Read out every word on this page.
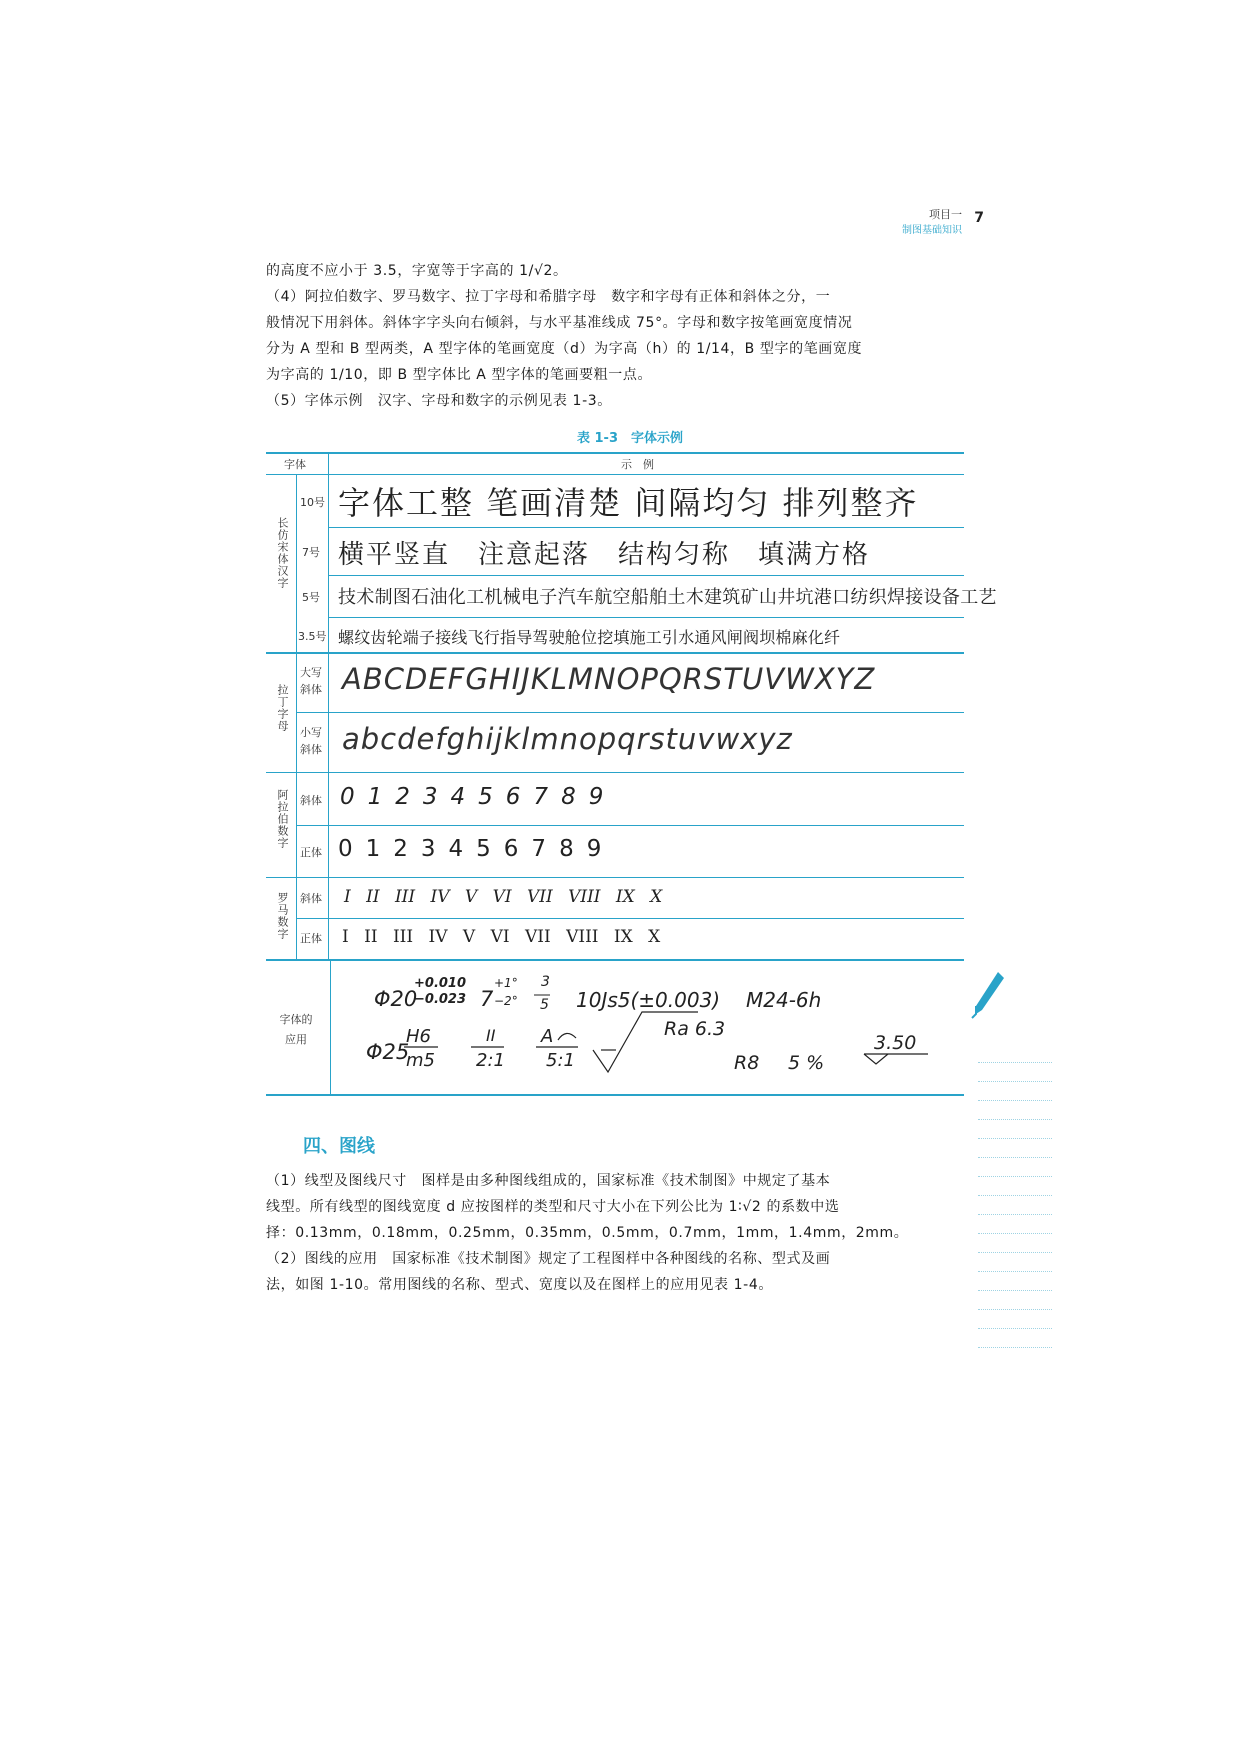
项目一
制图基础知识
7
的高度不应小于 3.5，字宽等于字高的 1/√2。
（4）阿拉伯数字、罗马数字、拉丁字母和希腊字母　数字和字母有正体和斜体之分，一
般情况下用斜体。斜体字字头向右倾斜，与水平基准线成 75°。字母和数字按笔画宽度情况
分为 A 型和 B 型两类，A 型字体的笔画宽度（d）为字高（h）的 1/14，B 型字的笔画宽度
为字高的 1/10，即 B 型字体比 A 型字体的笔画要粗一点。
（5）字体示例　汉字、字母和数字的示例见表 1-3。
表 1-3　字体示例
字体	示　例
长仿宋体汉字
拉丁字母
阿拉伯数字
罗马数字
字体的应用
10号
7号
5号
3.5号
大写斜体
小写斜体
斜体
正体
斜体
正体
字体工整 笔画清楚 间隔均匀 排列整齐
横平竖直　注意起落　结构匀称　填满方格
技术制图石油化工机械电子汽车航空船舶土木建筑矿山井坑港口纺织焊接设备工艺
螺纹齿轮端子接线飞行指导驾驶舱位挖填施工引水通风闸阀坝棉麻化纤
ABCDEFGHIJKLMNOPQRSTUVWXYZ
abcdefghijklmnopqrstuvwxyz
0123456789
0123456789
I II III IV V VI VII VIII IX X
I II III IV V VI VII VIII IX X
Φ20
+0.010
−0.023 7
+1°
−2°
3
5 10Js5(±0.003) M24-6h
Φ25
H6
m5
II
2:1
A
5:1
Ra 6.3
R8 5 %
3.50
四、图线
（1）线型及图线尺寸　图样是由多种图线组成的，国家标准《技术制图》中规定了基本
线型。所有线型的图线宽度 d 应按图样的类型和尺寸大小在下列公比为 1∶√2 的系数中选
择：0.13mm，0.18mm，0.25mm，0.35mm，0.5mm，0.7mm，1mm，1.4mm，2mm。
（2）图线的应用　国家标准《技术制图》规定了工程图样中各种图线的名称、型式及画
法，如图 1-10。常用图线的名称、型式、宽度以及在图样上的应用见表 1-4。
